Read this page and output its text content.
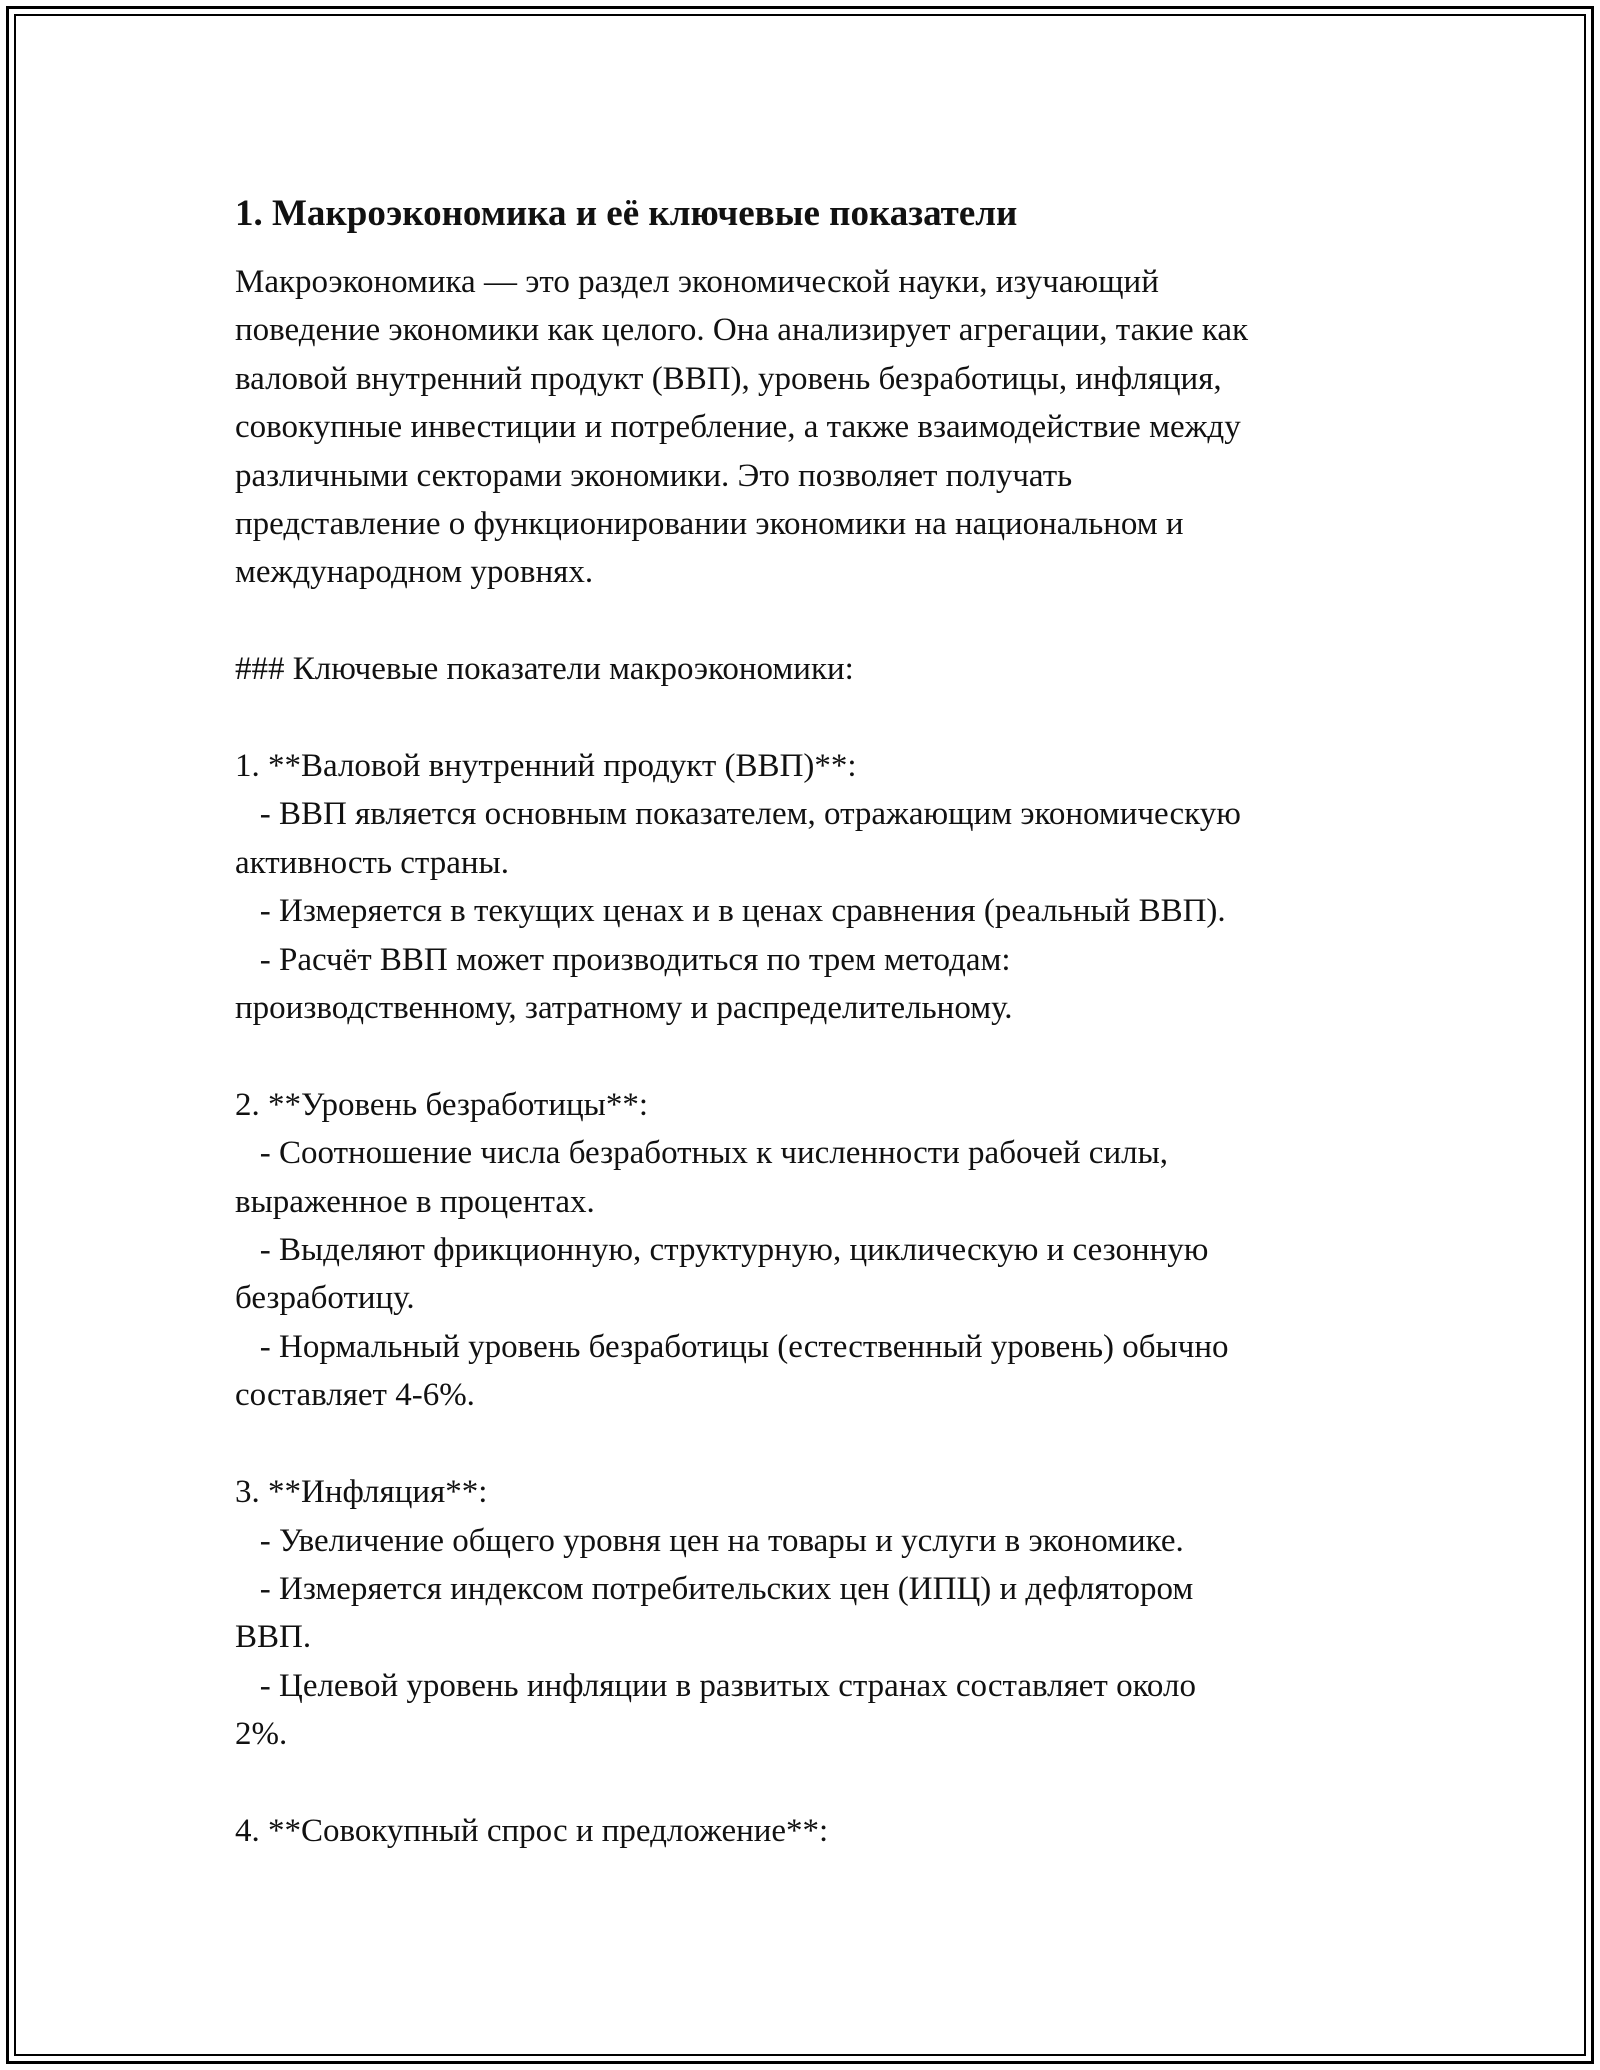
1. Макроэкономика и её ключевые показатели
Макроэкономика — это раздел экономической науки, изучающий
поведение экономики как целого. Она анализирует агрегации, такие как
валовой внутренний продукт (ВВП), уровень безработицы, инфляция,
совокупные инвестиции и потребление, а также взаимодействие между
различными секторами экономики. Это позволяет получать
представление о функционировании экономики на национальном и
международном уровнях.
### Ключевые показатели макроэкономики:
1. **Валовой внутренний продукт (ВВП)**:
- ВВП является основным показателем, отражающим экономическую
активность страны.
- Измеряется в текущих ценах и в ценах сравнения (реальный ВВП).
- Расчёт ВВП может производиться по трем методам:
производственному, затратному и распределительному.
2. **Уровень безработицы**:
- Соотношение числа безработных к численности рабочей силы,
выраженное в процентах.
- Выделяют фрикционную, структурную, циклическую и сезонную
безработицу.
- Нормальный уровень безработицы (естественный уровень) обычно
составляет 4-6%.
3. **Инфляция**:
- Увеличение общего уровня цен на товары и услуги в экономике.
- Измеряется индексом потребительских цен (ИПЦ) и дефлятором
ВВП.
- Целевой уровень инфляции в развитых странах составляет около
2%.
4. **Совокупный спрос и предложение**:
